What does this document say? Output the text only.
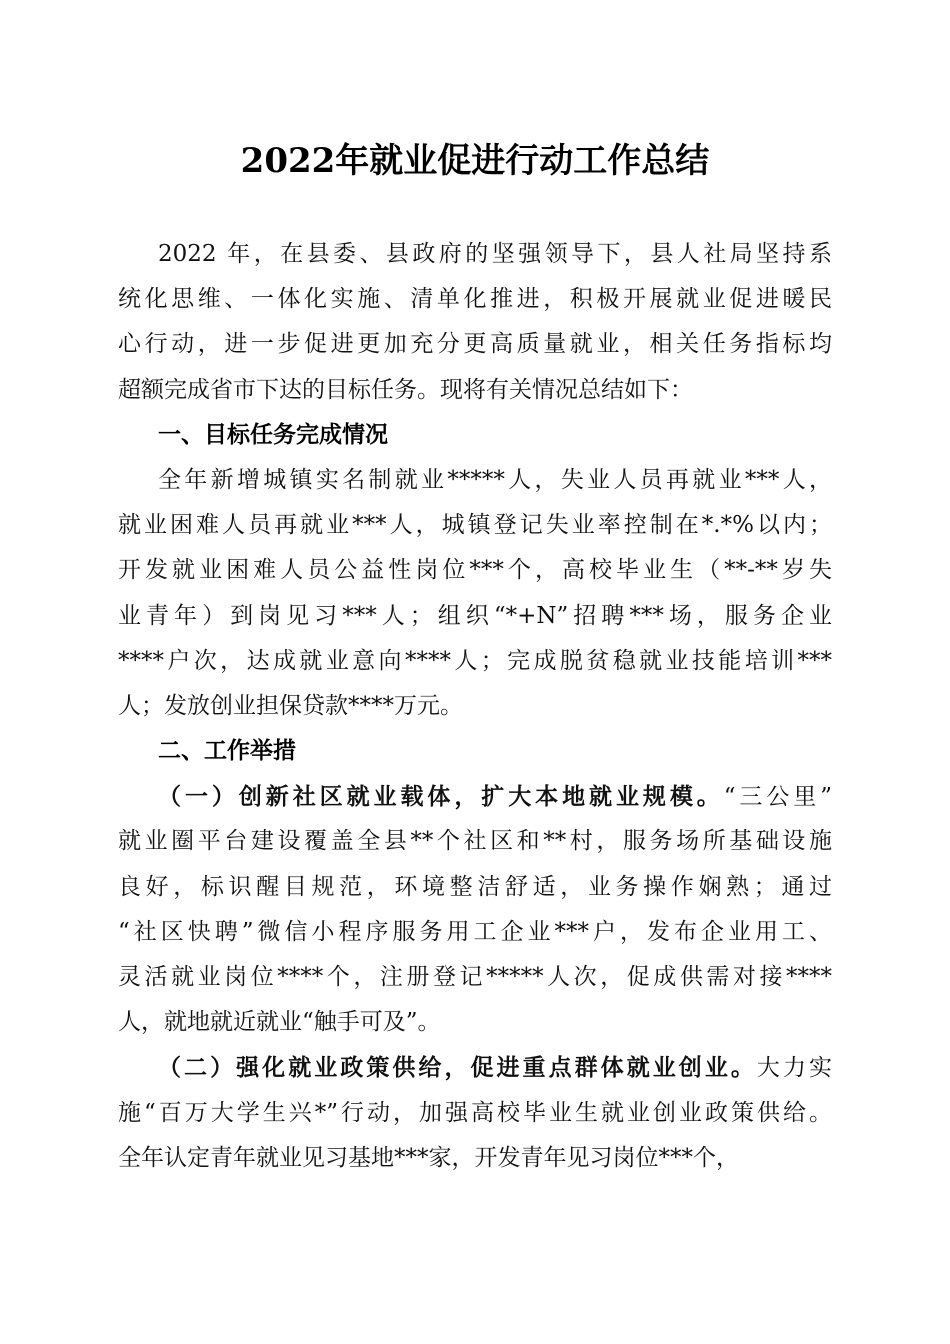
2022年就业促进行动工作总结
2022 年，在县委、县政府的坚强领导下，县人社局坚持系
统化思维、一体化实施、清单化推进，积极开展就业促进暖民
心行动，进一步促进更加充分更高质量就业，相关任务指标均
超额完成省市下达的目标任务。现将有关情况总结如下：
一、目标任务完成情况
全年新增城镇实名制就业*****人，失业人员再就业***人，
就业困难人员再就业***人，城镇登记失业率控制在*.*%以内；
开发就业困难人员公益性岗位***个，高校毕业生（**-**岁失
业青年）到岗见习***人；组织“*+N”招聘***场，服务企业
****户次，达成就业意向****人；完成脱贫稳就业技能培训***
人；发放创业担保贷款****万元。
二、工作举措
（一）创新社区就业载体，扩大本地就业规模。“三公里”
就业圈平台建设覆盖全县**个社区和**村，服务场所基础设施
良好，标识醒目规范，环境整洁舒适，业务操作娴熟；通过
“社区快聘”微信小程序服务用工企业***户，发布企业用工、
灵活就业岗位****个，注册登记*****人次，促成供需对接****
人，就地就近就业“触手可及”。
（二）强化就业政策供给，促进重点群体就业创业。大力实
施“百万大学生兴*”行动，加强高校毕业生就业创业政策供给。
全年认定青年就业见习基地***家，开发青年见习岗位***个，
